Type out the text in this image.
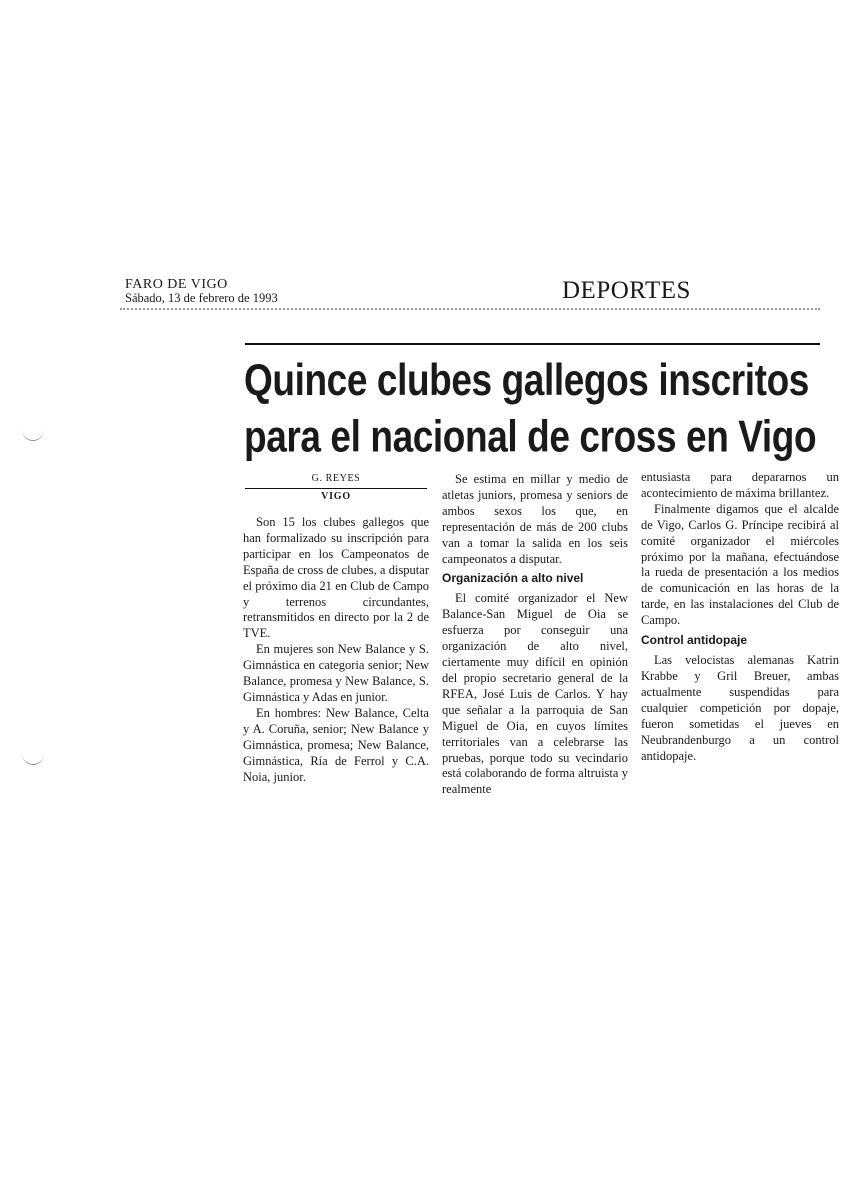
FARO DE VIGO
Sábado, 13 de febrero de 1993	DEPORTES
Quince clubes gallegos inscritos
para el nacional de cross en Vigo
G. REYES
VIGO

Son 15 los clubes gallegos que han formalizado su inscripción para participar en los Campeonatos de España de cross de clubes, a disputar el próximo dia 21 en Club de Campo y terrenos circundantes, retransmitidos en directo por la 2 de TVE.

En mujeres son New Balance y S. Gimnástica en categoria senior; New Balance, promesa y New Balance, S. Gimnástica y Adas en junior.

En hombres: New Balance, Celta y A. Coruña, senior; New Balance y Gimnástica, promesa; New Balance, Gimnástica, Ría de Ferrol y C.A. Noia, junior.

Se estima en millar y medio de atletas juniors, promesa y seniors de ambos sexos los que, en representación de más de 200 clubs van a tomar la salida en los seis campeonatos a disputar.

Organización a alto nivel

El comité organizador el New Balance-San Miguel de Oia se esfuerza por conseguir una organización de alto nivel, ciertamente muy difícil en opinión del propio secretario general de la RFEA, José Luis de Carlos. Y hay que señalar a la parroquia de San Miguel de Oia, en cuyos límites territoriales van a celebrarse las pruebas, porque todo su vecindario está colaborando de forma altruista y realmente

entusiasta para depararnos un acontecimiento de máxima brillantez.

Finalmente digamos que el alcalde de Vigo, Carlos G. Príncipe recibirá al comité organizador el miércoles próximo por la mañana, efectuándose la rueda de presentación a los medios de comunicación en las horas de la tarde, en las instalaciones del Club de Campo.

Control antidopaje

Las velocistas alemanas Katrin Krabbe y Gril Breuer, ambas actualmente suspendidas para cualquier competición por dopaje, fueron sometidas el jueves en Neubrandenburgo a un control antidopaje.
